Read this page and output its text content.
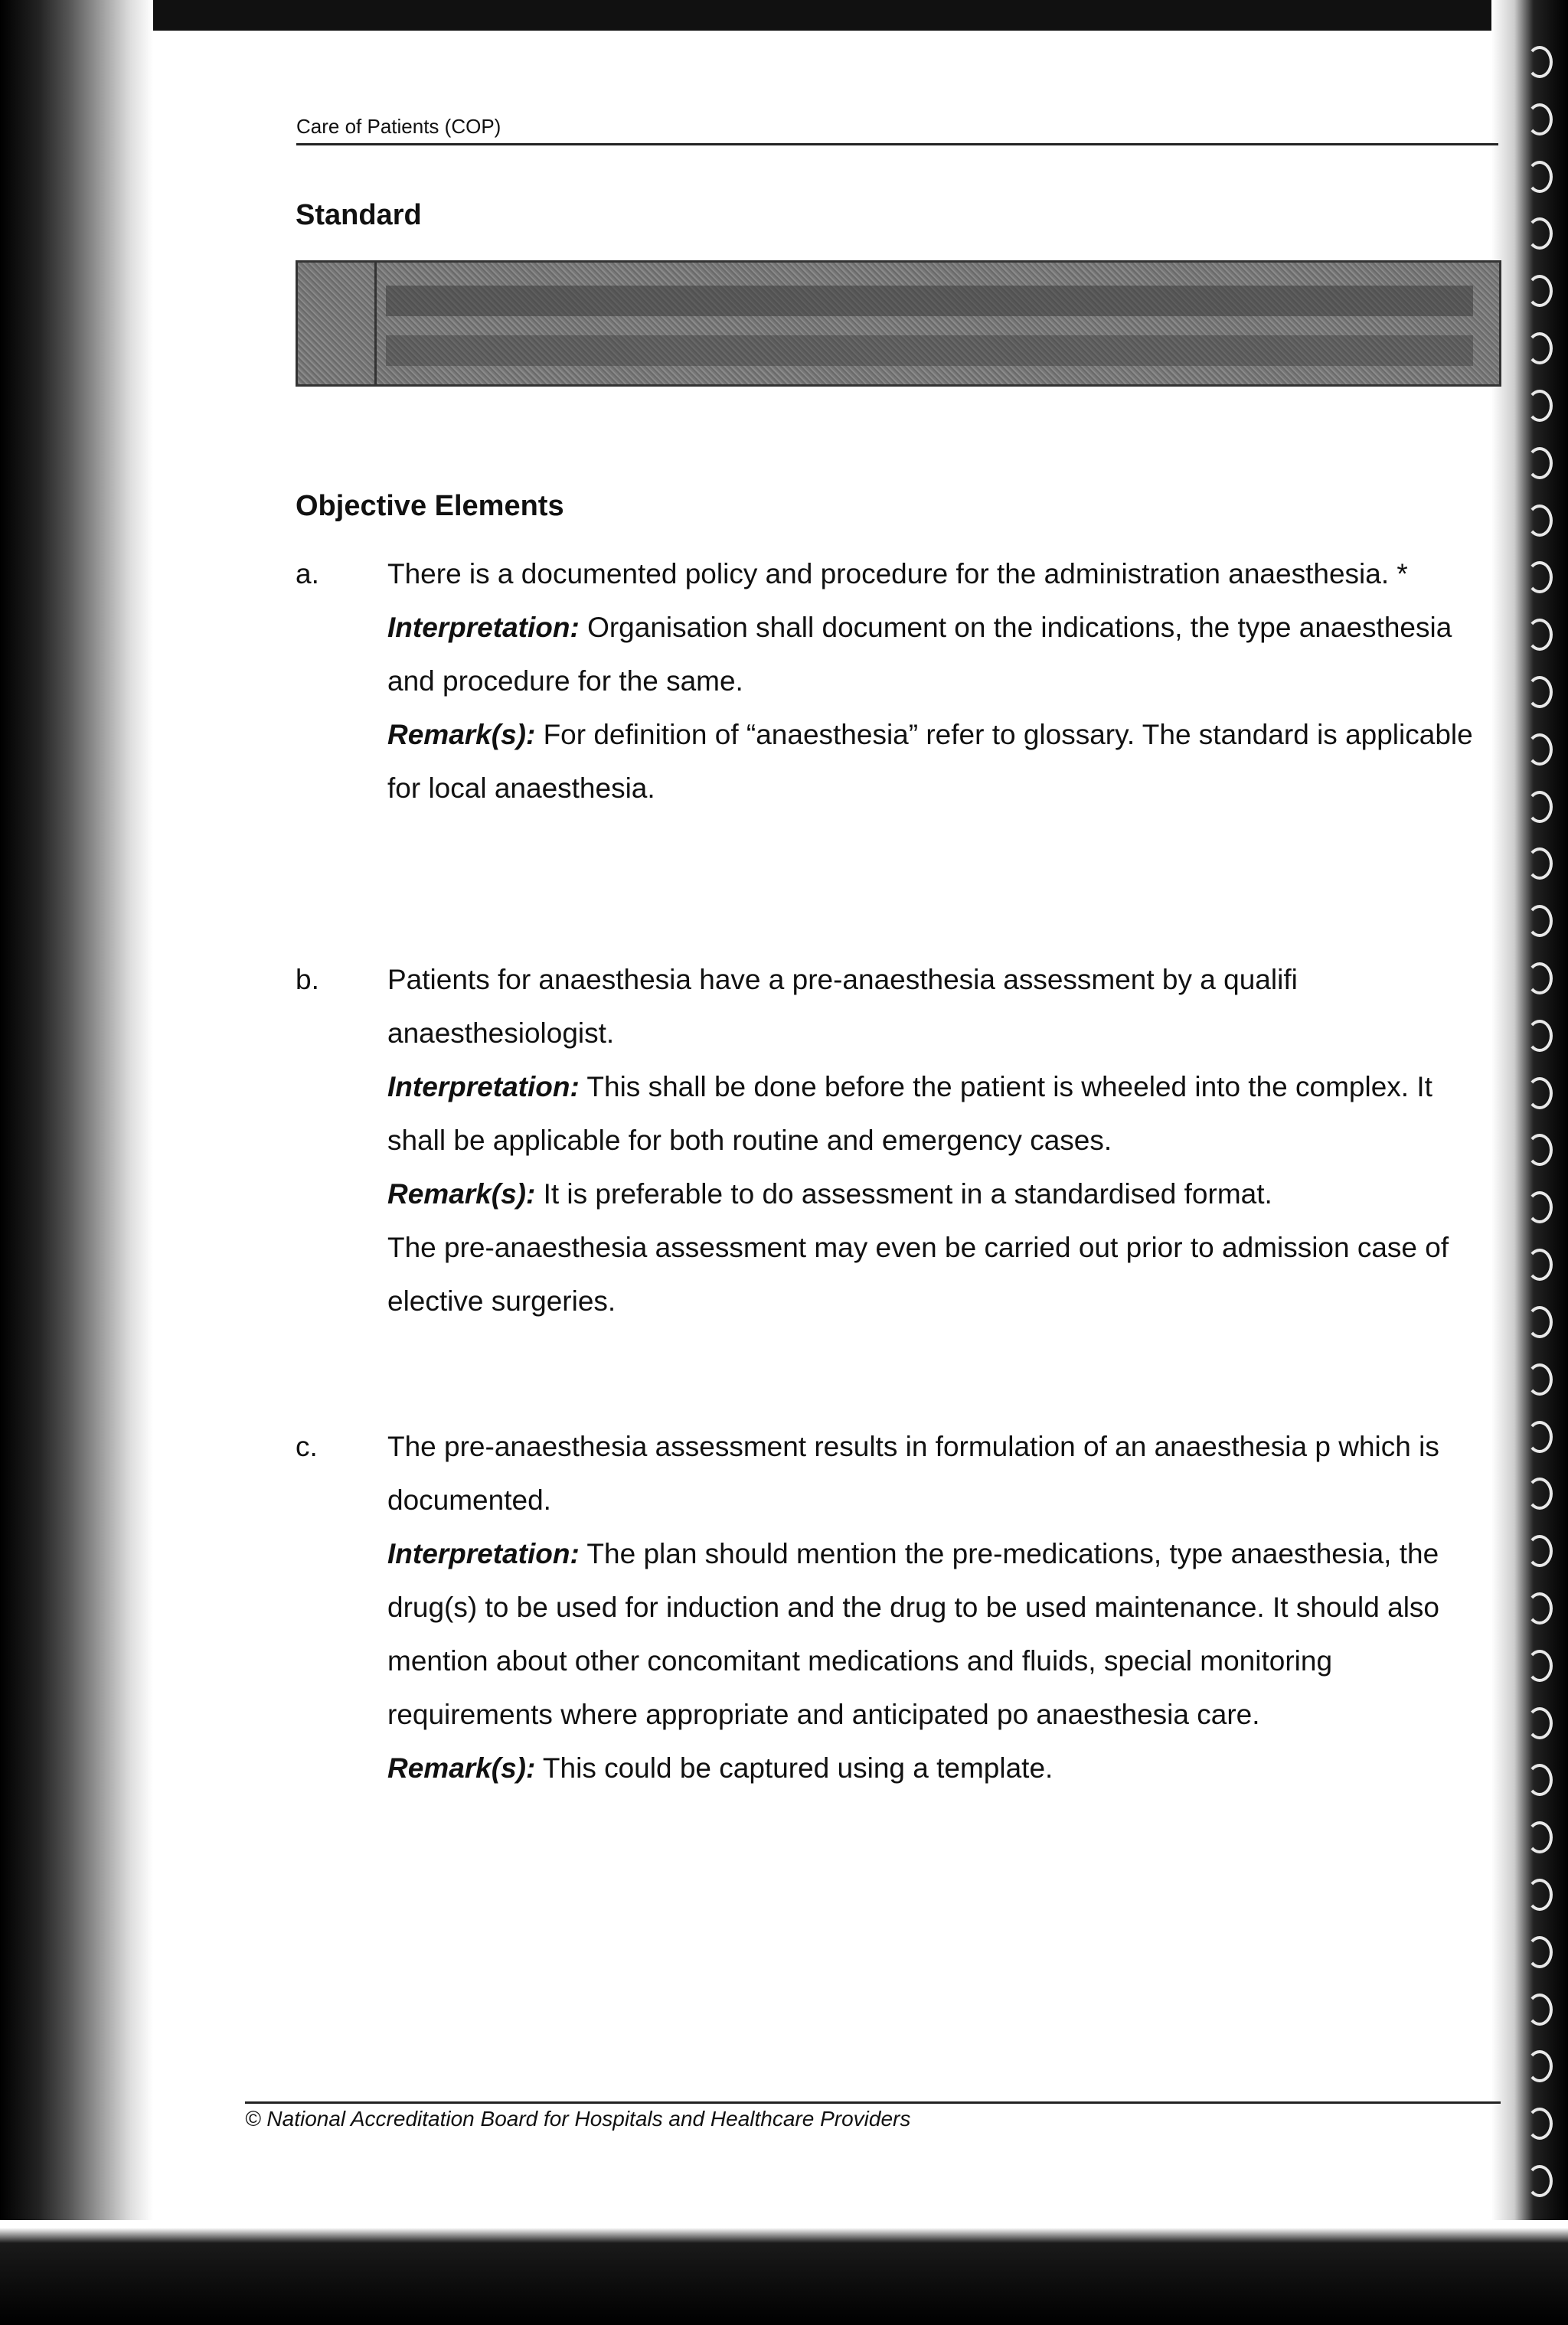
Care of Patients (COP)
Standard
Objective Elements
a.	There is a documented policy and procedure for the administration anaesthesia. *

Interpretation: Organisation shall document on the indications, the type anaesthesia and procedure for the same.

Remark(s): For definition of “anaesthesia” refer to glossary. The standard is applicable for local anaesthesia.

b.	Patients for anaesthesia have a pre-anaesthesia assessment by a qualifi anaesthesiologist.

Interpretation: This shall be done before the patient is wheeled into the complex. It shall be applicable for both routine and emergency cases.

Remark(s): It is preferable to do assessment in a standardised format.

The pre-anaesthesia assessment may even be carried out prior to admission case of elective surgeries.

c.	The pre-anaesthesia assessment results in formulation of an anaesthesia p which is documented.

Interpretation: The plan should mention the pre-medications, type anaesthesia, the drug(s) to be used for induction and the drug to be used maintenance. It should also mention about other concomitant medications and fluids, special monitoring requirements where appropriate and anticipated po anaesthesia care.

Remark(s): This could be captured using a template.

© National Accreditation Board for Hospitals and Healthcare Providers
